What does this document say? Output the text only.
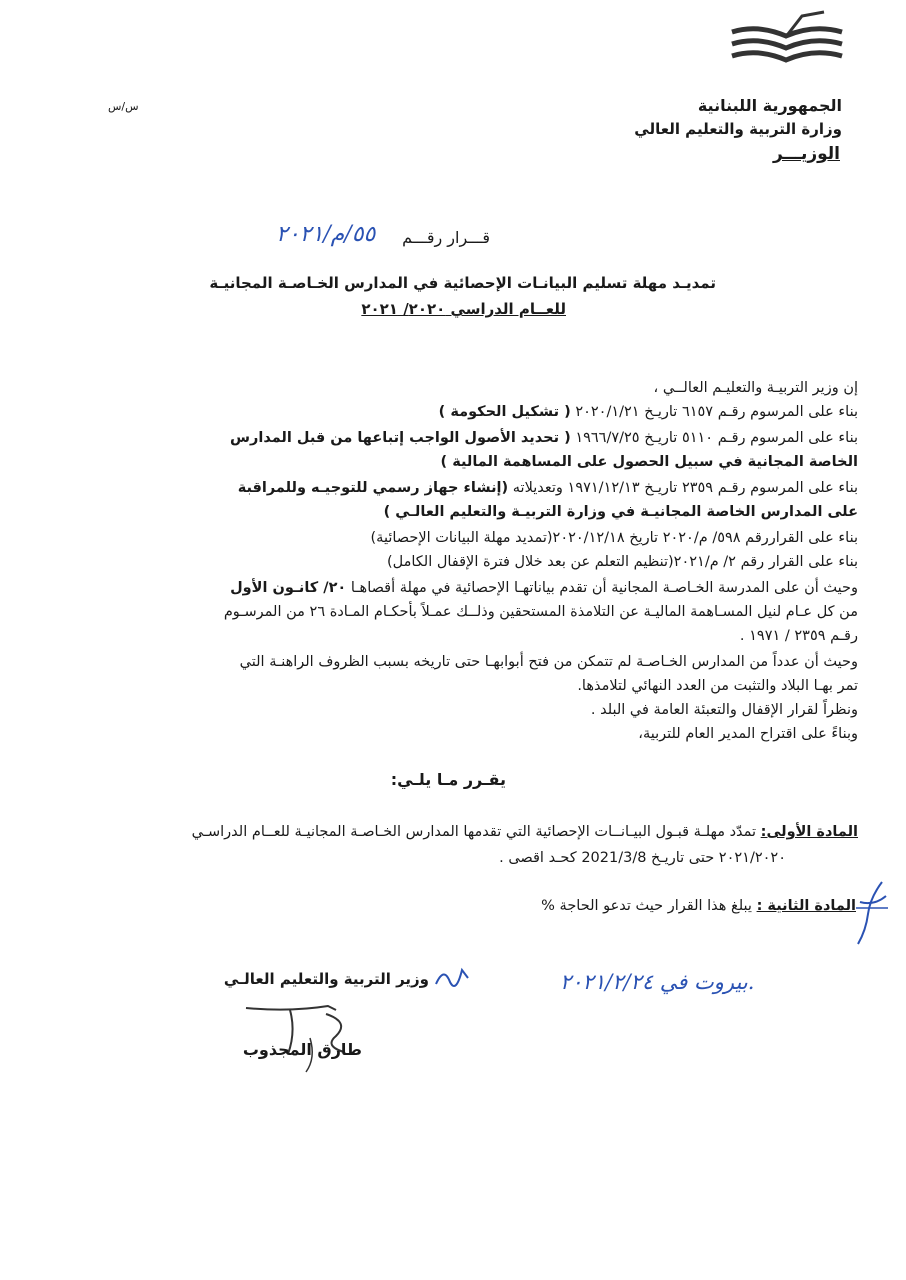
الجمهورية اللبنانية
وزارة التربية والتعليم العالي
الوزيـــر
س/س
قـــرار رقـــم
٥٥/م/٢٠٢١
تمديـد مهلة تسليم البيانـات الإحصائية في المدارس الخـاصـة المجانيـة
للعــام الدراسي ٢٠٢٠/ ٢٠٢١
إن وزير التربيـة والتعليـم العالــي ،
بناء على المرسوم رقـم ٦١٥٧ تاريـخ ٢٠٢٠/١/٢١ ( تشكيل الحكومة )
بناء على المرسوم رقـم ٥١١٠ تاريـخ ١٩٦٦/٧/٢٥ ( تحديد الأصول الواجب إتباعها من قبل المدارس
الخاصة المجانية في سبيل الحصول على المساهمة المالية )
بناء على المرسوم رقـم ٢٣٥٩ تاريـخ ١٩٧١/١٢/١٣ وتعديلاته (إنشاء جهاز رسمي للتوجيـه وللمراقبة
على المدارس الخاصة المجانيـة في وزارة التربيـة والتعليم العالـي )
بناء على القراررقم ٥٩٨/ م/٢٠٢٠ تاريخ ٢٠٢٠/١٢/١٨(تمديد مهلة البيانات الإحصائية)
بناء على القرار رقم ٢/ م/٢٠٢١(تنظيم التعلم عن بعد خلال فترة الإقفال الكامل)
وحيث أن على المدرسة الخـاصـة المجانية أن تقدم بياناتهـا الإحصائية في مهلة أقصاهـا ٢٠/ كانـون الأول
من كل عـام لنيل المسـاهمة الماليـة عن التلامذة المستحقين وذلــك عمـلاً بأحكـام المـادة ٢٦ من المرسـوم
رقـم ٢٣٥٩ / ١٩٧١ .
وحيث أن عدداً من المدارس الخـاصـة لم تتمكن من فتح أبوابهـا حتى تاريخه بسبب الظروف الراهنـة التي
تمر بهـا البلاد والتثبت من العدد النهائي لتلامذها.
ونظراً لقرار الإقفال والتعبئة العامة في البلد .
وبناءً على اقتراح المدير العام للتربية،
يقـرر مـا يلـي:
المادة الأولى: تمدّد مهلـة قبـول البيـانــات الإحصائية التي تقدمها المدارس الخـاصـة المجانيـة للعــام الدراسـي
٢٠٢١/٢٠٢٠ حتى تاريـخ 2021/3/8 كحـد اقصى .
المادة الثانية : يبلغ هذا القرار حيث تدعو الحاجة %
وزير التربية والتعليم العالـي	بيروت في ٢٠٢١/٢/٢٤.
طارق المجذوب
